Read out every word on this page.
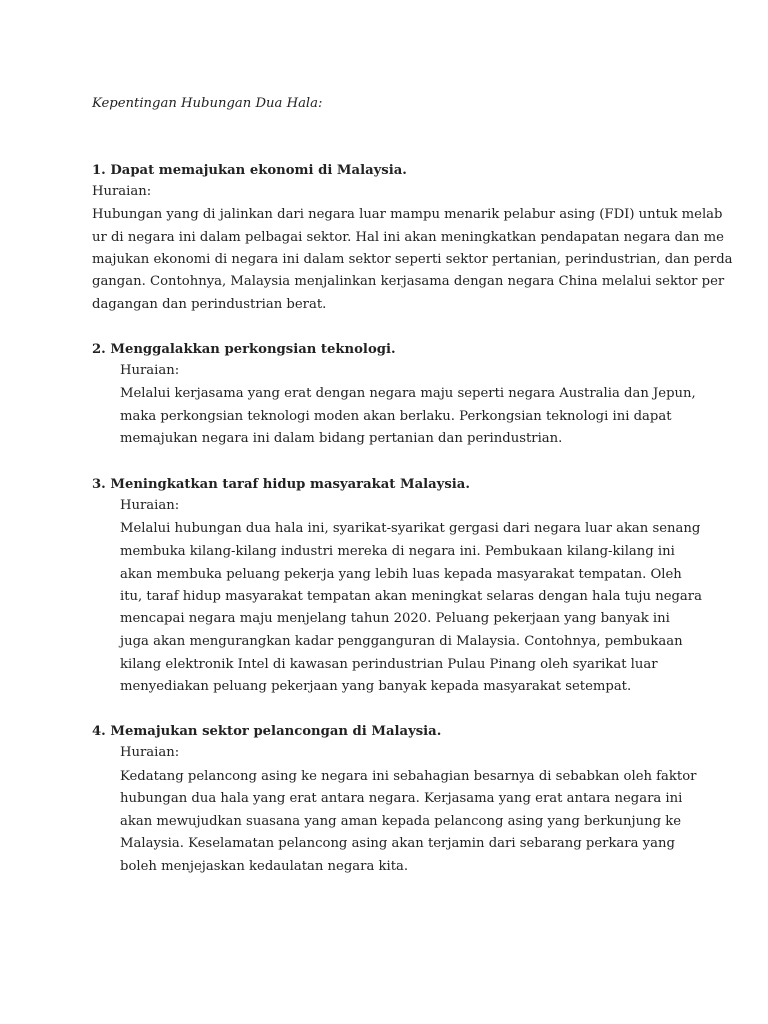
Kepentingan Hubungan Dua Hala:
1. Dapat memajukan ekonomi di Malaysia.
Huraian:
Hubungan yang di jalinkan dari negara luar mampu menarik pelabur asing (FDI) untuk melab
ur di negara ini dalam pelbagai sektor. Hal ini akan meningkatkan pendapatan negara dan me
majukan ekonomi di negara ini dalam sektor seperti sektor pertanian, perindustrian, dan perda
gangan. Contohnya, Malaysia menjalinkan kerjasama dengan negara China melalui sektor per
dagangan dan perindustrian berat.
2. Menggalakkan perkongsian teknologi.
Huraian:
Melalui kerjasama yang erat dengan negara maju seperti negara Australia dan Jepun,
maka perkongsian teknologi moden akan berlaku. Perkongsian teknologi ini dapat
memajukan negara ini dalam bidang pertanian dan perindustrian.
3. Meningkatkan taraf hidup masyarakat Malaysia.
Huraian:
Melalui hubungan dua hala ini, syarikat-syarikat gergasi dari negara luar akan senang
membuka kilang-kilang industri mereka di negara ini. Pembukaan kilang-kilang ini
akan membuka peluang pekerja yang lebih luas kepada masyarakat tempatan. Oleh
itu, taraf hidup masyarakat tempatan akan meningkat selaras dengan hala tuju negara
mencapai negara maju menjelang tahun 2020. Peluang pekerjaan yang banyak ini
juga akan mengurangkan kadar pengganguran di Malaysia. Contohnya, pembukaan
kilang elektronik Intel di kawasan perindustrian Pulau Pinang oleh syarikat luar
menyediakan peluang pekerjaan yang banyak kepada masyarakat setempat.
4. Memajukan sektor pelancongan di Malaysia.
Huraian:
Kedatang pelancong asing ke negara ini sebahagian besarnya di sebabkan oleh faktor
hubungan dua hala yang erat antara negara. Kerjasama yang erat antara negara ini
akan mewujudkan suasana yang aman kepada pelancong asing yang berkunjung ke
Malaysia. Keselamatan pelancong asing akan terjamin dari sebarang perkara yang
boleh menjejaskan kedaulatan negara kita.
